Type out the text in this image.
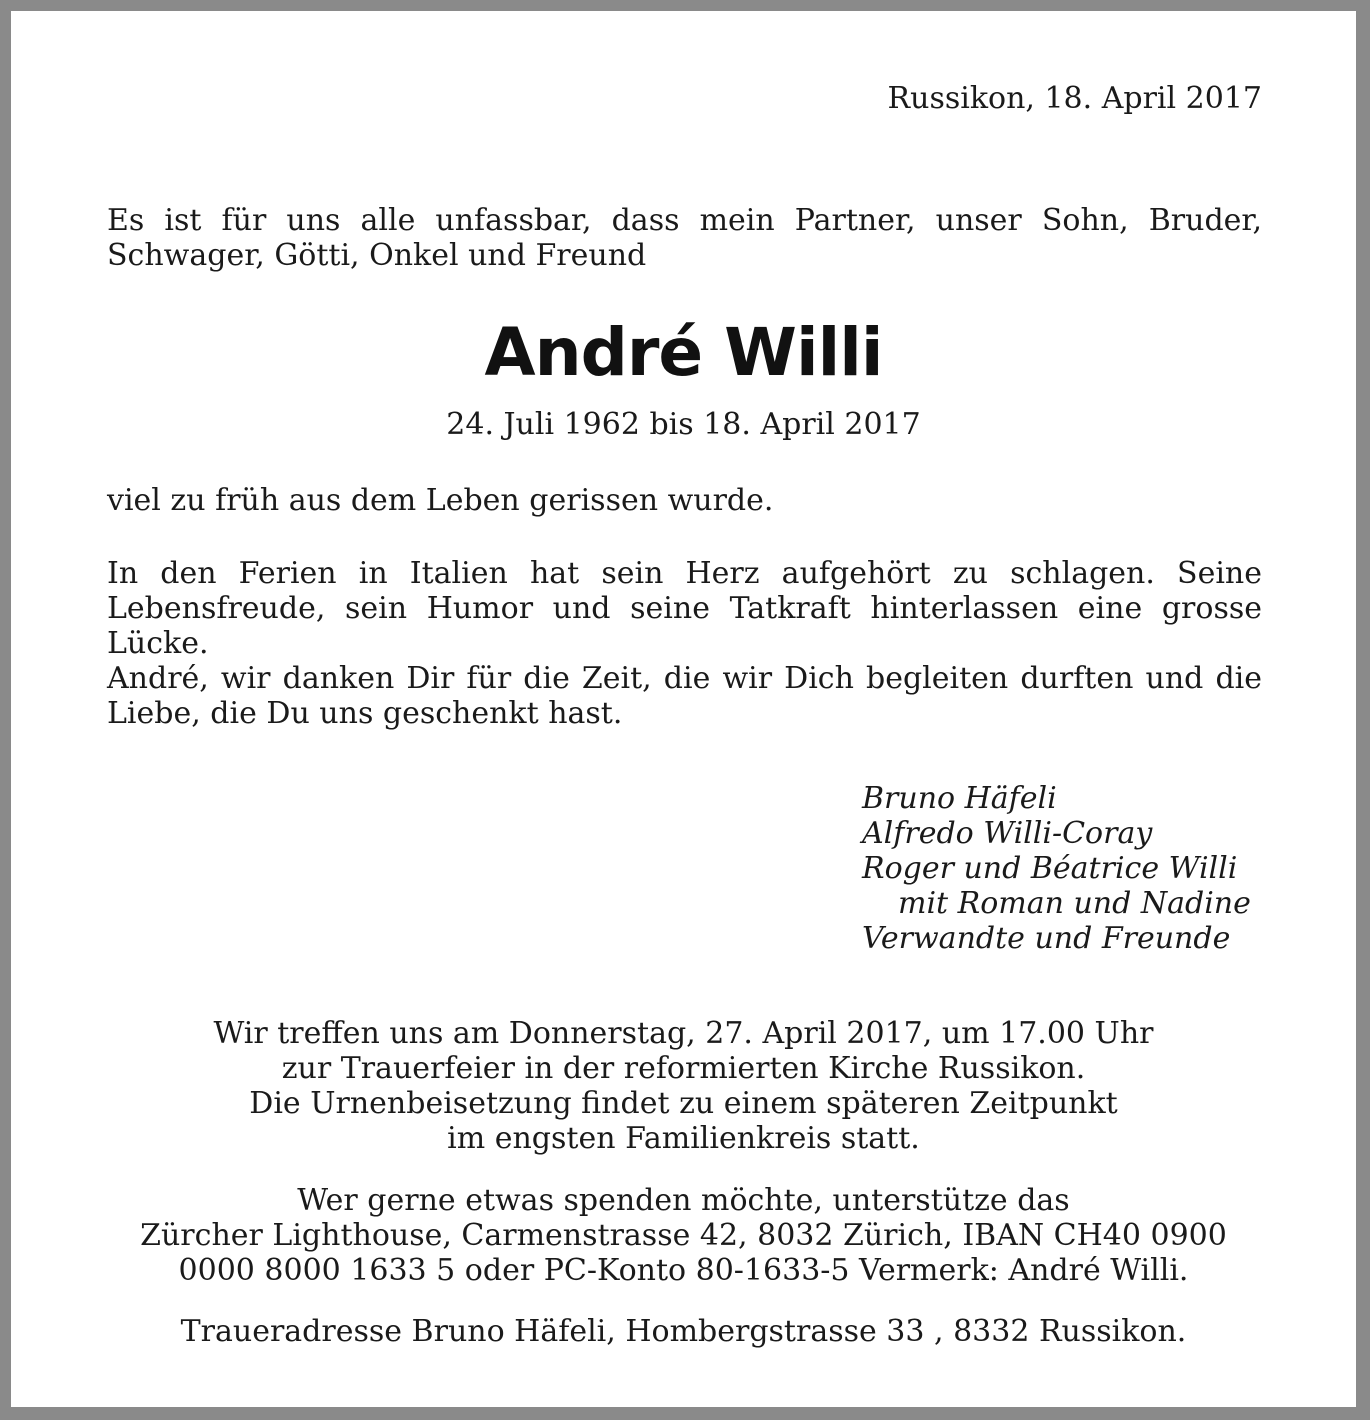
Russikon, 18. April 2017

Es ist für uns alle unfassbar, dass mein Partner, unser Sohn, Bruder,
Schwager, Götti, Onkel und Freund
André Willi

24. Juli 1962 bis 18. April 2017

viel zu früh aus dem Leben gerissen wurde.

In den Ferien in Italien hat sein Herz aufgehört zu schlagen. Seine
Lebensfreude, sein Humor und seine Tatkraft hinterlassen eine grosse
Lücke.
André, wir danken Dir für die Zeit, die wir Dich begleiten durften und die
Liebe, die Du uns geschenkt hast.
Bruno Häfeli
Alfredo Willi-Coray
Roger und Béatrice Willi
mit Roman und Nadine
Verwandte und Freunde
Wir treffen uns am Donnerstag, 27. April 2017, um 17.00 Uhr
zur Trauerfeier in der reformierten Kirche Russikon.
Die Urnenbeisetzung findet zu einem späteren Zeitpunkt
im engsten Familienkreis statt.
Wer gerne etwas spenden möchte, unterstütze das
Zürcher Lighthouse, Carmenstrasse 42, 8032 Zürich, IBAN CH40 0900
0000 8000 1633 5 oder PC-Konto 80-1633-5 Vermerk: André Willi.

Traueradresse Bruno Häfeli, Hombergstrasse 33 , 8332 Russikon.
